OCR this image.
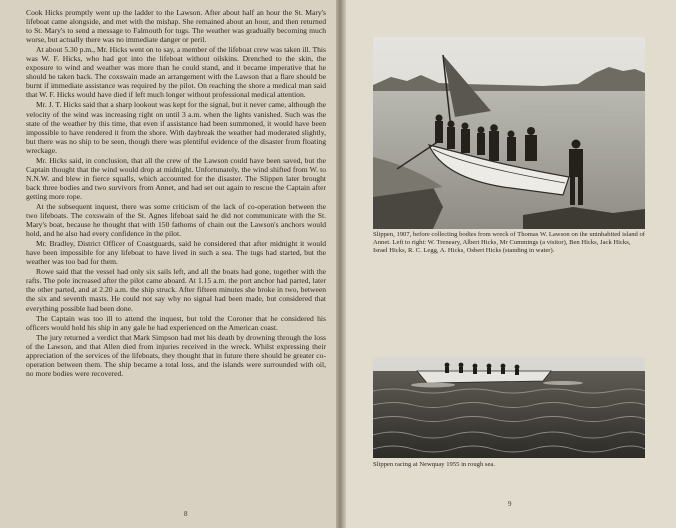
Cook Hicks promptly went up the ladder to the Lawson. After about half an hour the St. Mary's lifeboat came alongside, and met with the mishap. She remained about an hour, and then returned to St. Mary's to send a message to Falmouth for tugs. The weather was gradually becoming much worse, but actually there was no immediate danger or peril.

At about 5.30 p.m., Mr. Hicks went on to say, a member of the lifeboat crew was taken ill. This was W. F. Hicks, who had got into the lifeboat without oilskins. Drenched to the skin, the exposure to wind and weather was more than he could stand, and it became imperative that he should be taken back. The coxswain made an arrangement with the Lawson that a flare should be burnt if immediate assistance was required by the pilot. On reaching the shore a medical man said that W. F. Hicks would have died if left much longer without professional medical attention.

Mr. J. T. Hicks said that a sharp lookout was kept for the signal, but it never came, although the velocity of the wind was increasing right on until 3 a.m. when the lights vanished. Such was the state of the weather by this time, that even if assistance had been summoned, it would have been impossible to have rendered it from the shore. With daybreak the weather had moderated slightly, but there was no ship to be seen, though there was plentiful evidence of the disaster from floating wreckage.

Mr. Hicks said, in conclusion, that all the crew of the Lawson could have been saved, but the Captain thought that the wind would drop at midnight. Unfortunately, the wind shifted from W. to N.N.W. and blew in fierce squalls, which accounted for the disaster. The Slippen later brought back three bodies and two survivors from Annet, and had set out again to rescue the Captain after getting more rope.

At the subsequent inquest, there was some criticism of the lack of co-operation between the two lifeboats. The coxswain of the St. Agnes lifeboat said he did not communicate with the St. Mary's boat, because he thought that with 150 fathoms of chain out the Lawson's anchors would hold, and he also had every confidence in the pilot.

Mr. Bradley, District Officer of Coastguards, said he considered that after midnight it would have been impossible for any lifeboat to have lived in such a sea. The tugs had started, but the weather was too bad for them.

Rowe said that the vessel had only six sails left, and all the boats had gone, together with the rafts. The pole increased after the pilot came aboard. At 1.15 a.m. the port anchor had parted, later the other parted, and at 2.20 a.m. the ship struck. After fifteen minutes she broke in two, between the six and seventh masts. He could not say why no signal had been made, but considered that everything possible had been done.

The Captain was too ill to attend the inquest, but told the Coroner that he considered his officers would hold his ship in any gale he had experienced on the American coast.

The jury returned a verdict that Mark Simpson had met his death by drowning through the loss of the Lawson, and that Allen died from injuries received in the wreck. Whilst expressing their appreciation of the services of the lifeboats, they thought that in future there should be greater co-operation between them. The ship became a total loss, and the islands were surrounded with oil, no more bodies were recovered.

8
Slippen, 1907, before collecting bodies from wreck of Thomas W. Lawson on the uninhabited island of Annet. Left to right: W. Treneary, Albert Hicks, Mr Cummings (a visitor), Ben Hicks, Jack Hicks, Israel Hicks, R. C. Legg, A. Hicks, Osbert Hicks (standing in water).
Slippen racing at Newquay 1955 in rough sea.
9
